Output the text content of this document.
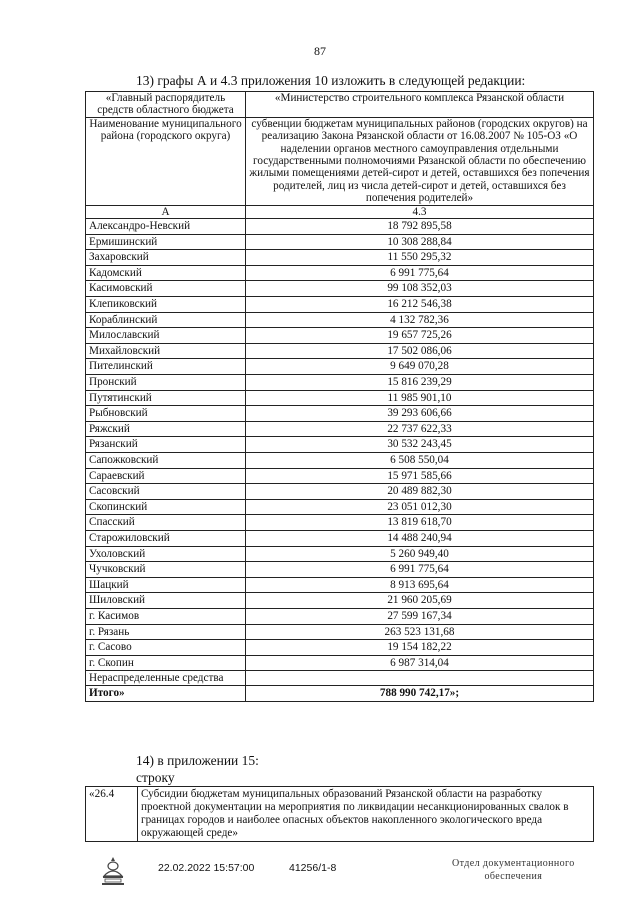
87
13) графы А и 4.3 приложения 10 изложить в следующей редакции:
«Главный распорядитель средств областного бюджета	«Министерство строительного комплекса Рязанской области
Наименование муниципального района (городского округа)	субвенции бюджетам муниципальных районов (городских округов) на реализацию Закона Рязанской области от 16.08.2007 № 105-ОЗ «О наделении органов местного самоуправления отдельными государственными полномочиями Рязанской области по обеспечению жилыми помещениями детей-сирот и детей, оставшихся без попечения родителей, лиц из числа детей-сирот и детей, оставшихся без попечения родителей»
А	4.3
Александро-Невский	18 792 895,58
Ермишинский	10 308 288,84
Захаровский	11 550 295,32
Кадомский	6 991 775,64
Касимовский	99 108 352,03
Клепиковский	16 212 546,38
Кораблинский	4 132 782,36
Милославский	19 657 725,26
Михайловский	17 502 086,06
Пителинский	9 649 070,28
Пронский	15 816 239,29
Путятинский	11 985 901,10
Рыбновский	39 293 606,66
Ряжский	22 737 622,33
Рязанский	30 532 243,45
Сапожковский	6 508 550,04
Сараевский	15 971 585,66
Сасовский	20 489 882,30
Скопинский	23 051 012,30
Спасский	13 819 618,70
Старожиловский	14 488 240,94
Ухоловский	5 260 949,40
Чучковский	6 991 775,64
Шацкий	8 913 695,64
Шиловский	21 960 205,69
г. Касимов	27 599 167,34
г. Рязань	263 523 131,68
г. Сасово	19 154 182,22
г. Скопин	6 987 314,04
Нераспределенные средства	
Итого»	788 990 742,17»;
14) в приложении 15:
строку
«26.4	Субсидии бюджетам муниципальных образований Рязанской области на разработку проектной документации на мероприятия по ликвидации несанкционированных свалок в границах городов и наиболее опасных объектов накопленного экологического вреда окружающей среде»
22.02.2022 15:57:00	41256/1-8	Отдел документационного
обеспечения
